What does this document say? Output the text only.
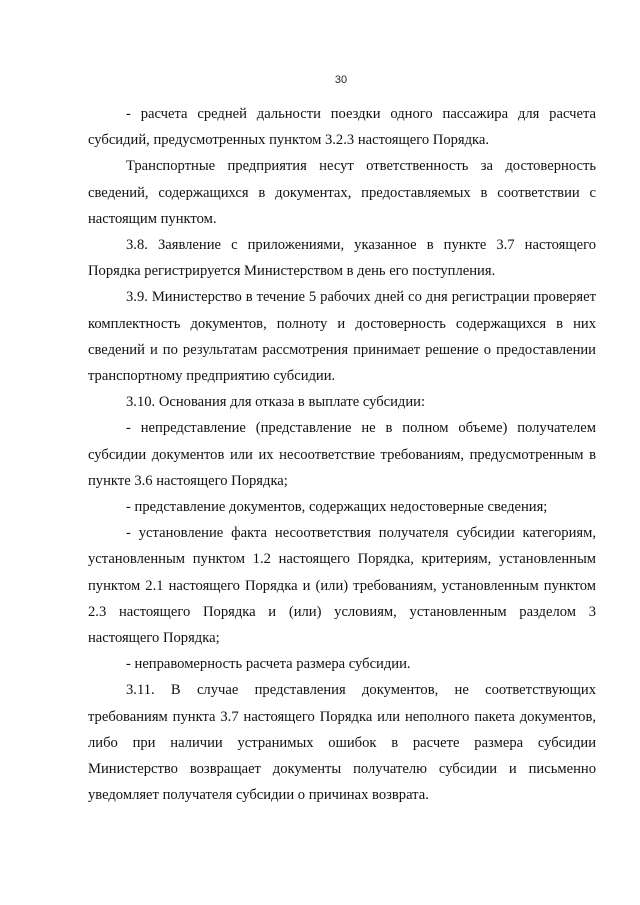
30

- расчета средней дальности поездки одного пассажира для расчета субсидий, предусмотренных пунктом 3.2.3 настоящего Порядка.

Транспортные предприятия несут ответственность за достоверность сведений, содержащихся в документах, предоставляемых в соответствии с настоящим пунктом.

3.8. Заявление с приложениями, указанное в пункте 3.7 настоящего Порядка регистрируется Министерством в день его поступления.

3.9. Министерство в течение 5 рабочих дней со дня регистрации проверяет комплектность документов, полноту и достоверность содержащихся в них сведений и по результатам рассмотрения принимает решение о предоставлении транспортному предприятию субсидии.

3.10. Основания для отказа в выплате субсидии:

- непредставление (представление не в полном объеме) получателем субсидии документов или их несоответствие требованиям, предусмотренным в пункте 3.6 настоящего Порядка;

- представление документов, содержащих недостоверные сведения;

- установление факта несоответствия получателя субсидии категориям, установленным пунктом 1.2 настоящего Порядка, критериям, установленным пунктом 2.1 настоящего Порядка и (или) требованиям, установленным пунктом 2.3 настоящего Порядка и (или) условиям, установленным разделом 3 настоящего Порядка;

- неправомерность расчета размера субсидии.

3.11. В случае представления документов, не соответствующих требованиям пункта 3.7 настоящего Порядка или неполного пакета документов, либо при наличии устранимых ошибок в расчете размера субсидии Министерство возвращает документы получателю субсидии и письменно уведомляет получателя субсидии о причинах возврата.
